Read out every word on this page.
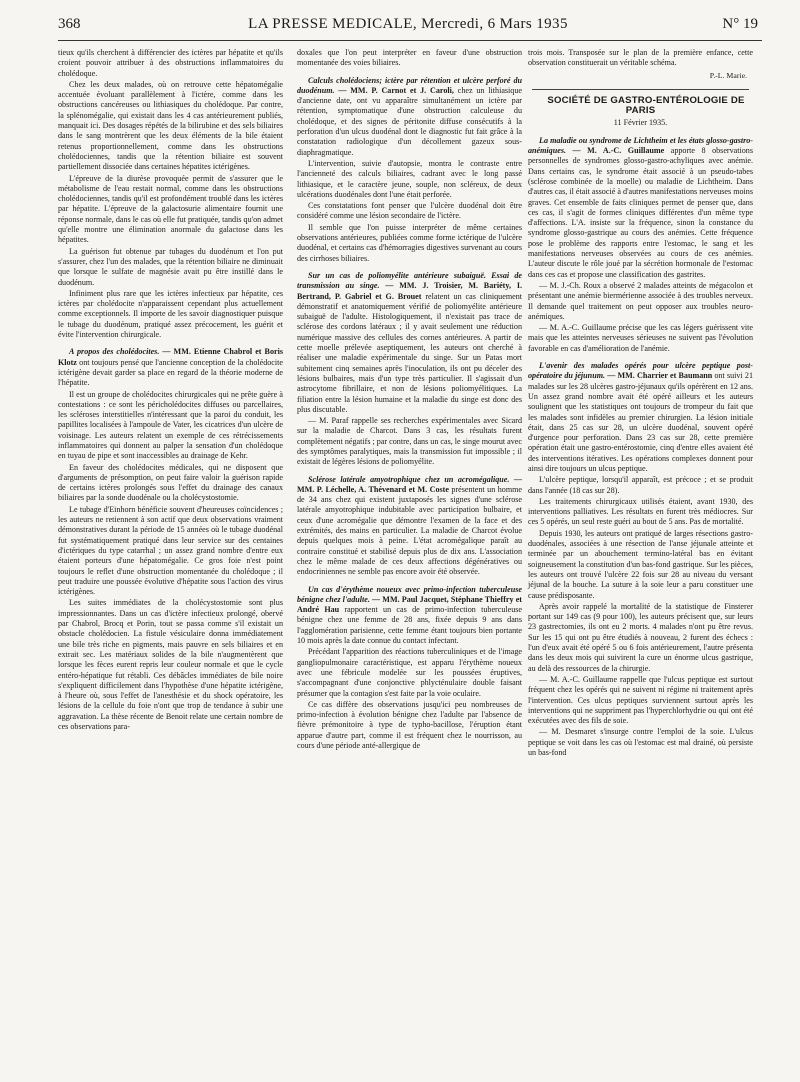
368	LA PRESSE MEDICALE, Mercredi, 6 Mars 1935	N° 19

tieux qu'ils cherchent à différencier des ictères par hépatite et qu'ils croient pouvoir attribuer à des obstructions inflammatoires du cholédoque.

Chez les deux malades, où on retrouve cette hépatomégalie accentuée évoluant parallèlement à l'ictère, comme dans les obstructions cancéreuses ou lithiasiques du cholédoque. Par contre, la splénomégalie, qui existait dans les 4 cas antérieurement publiés, manquait ici. Des dosages répétés de la bilirubine et des sels biliaires dans le sang montrèrent que les deux éléments de la bile étaient retenus proportionnellement, comme dans les obstructions cholédociennes, tandis que la rétention biliaire est souvent partiellement dissociée dans certaines hépatites ictérigènes.

L'épreuve de la diurèse provoquée permit de s'assurer que le métabolisme de l'eau restait normal, comme dans les obstructions cholédociennes, tandis qu'il est profondément troublé dans les ictères par hépatite. L'épreuve de la galactosurie alimentaire fournit une réponse normale, dans le cas où elle fut pratiquée, tandis qu'on admet qu'elle montre une élimination anormale du galactose dans les hépatites.

La guérison fut obtenue par tubages du duodénum et l'on put s'assurer, chez l'un des malades, que la rétention biliaire ne diminuait que lorsque le sulfate de magnésie avait pu être instillé dans le duodénum.

Infiniment plus rare que les ictères infectieux par hépatite, ces ictères par cholédocite n'apparaissent cependant plus actuellement comme exceptionnels. Il importe de les savoir diagnostiquer puisque le tubage du duodénum, pratiqué assez précocement, les guérit et évite l'intervention chirurgicale.

A propos des cholédocites. — MM. Etienne Chabrol et Boris Klotz ont toujours pensé que l'ancienne conception de la cholédocite ictérigène devait garder sa place en regard de la théorie moderne de l'hépatite.

Il est un groupe de cholédocites chirurgicales qui ne prête guère à contestations : ce sont les péricholédocites diffuses ou parcellaires, les scléroses interstitielles n'intéressant que la paroi du conduit, les papillites localisées à l'ampoule de Vater, les cicatrices d'un ulcère de voisinage. Les auteurs relatent un exemple de ces rétrécissements inflammatoires qui donnent au palper la sensation d'un cholédoque en tuyau de pipe et sont inaccessibles au drainage de Kehr.

En faveur des cholédocites médicales, qui ne disposent que d'arguments de présomption, on peut faire valoir la guérison rapide de certains ictères prolongés sous l'effet du drainage des canaux biliaires par la sonde duodénale ou la cholécystostomie.

Le tubage d'Einhorn bénéficie souvent d'heureuses coïncidences ; les auteurs ne retiennent à son actif que deux observations vraiment démonstratives durant la période de 15 années où le tubage duodénal fut systématiquement pratiqué dans leur service sur des centaines d'ictériques du type catarrhal ; un assez grand nombre d'entre eux étaient porteurs d'une hépatomégalie. Ce gros foie n'est point toujours le reflet d'une obstruction momentanée du cholédoque ; il peut traduire une poussée évolutive d'hépatite sous l'action des virus ictérigènes.

Les suites immédiates de la cholécystostomie sont plus impressionnantes. Dans un cas d'ictère infectieux prolongé, obervé par Chabrol, Brocq et Porin, tout se passa comme s'il existait un obstacle cholédocien. La fistule vésiculaire donna immédiatement une bile très riche en pigments, mais pauvre en sels biliaires et en extrait sec. Les matériaux solides de la bile n'augmentèrent que lorsque les fèces eurent repris leur couleur normale et que le cycle entéro-hépatique fut rétabli. Ces débâcles immédiates de bile noire s'expliquent difficilement dans l'hypothèse d'une hépatite ictérigène, à l'heure où, sous l'effet de l'anesthésie et du shock opératoire, les lésions de la cellule du foie n'ont que trop de tendance à subir une aggravation. La thèse récente de Benoit relate une certain nombre de ces observations para-

doxales que l'on peut interpréter en faveur d'une obstruction momentanée des voies biliaires.

Calculs cholédociens; ictère par rétention et ulcère perforé du duodénum. — MM. P. Carnot et J. Caroli, chez un lithiasique d'ancienne date, ont vu apparaître simultanément un ictère par rétention, symptomatique d'une obstruction calculeuse du cholédoque, et des signes de péritonite diffuse consécutifs à la perforation d'un ulcus duodénal dont le diagnostic fut fait grâce à la constatation radiologique d'un décollement gazeux sous-diaphragmatique.

L'intervention, suivie d'autopsie, montra le contraste entre l'ancienneté des calculs biliaires, cadrant avec le long passé lithiasique, et le caractère jeune, souple, non scléreux, de deux ulcérations duodénales dont l'une était perforée.

Ces constatations font penser que l'ulcère duodénal doit être considéré comme une lésion secondaire de l'ictère.

Il semble que l'on puisse interpréter de même certaines observations antérieures, publiées comme forme ictérique de l'ulcère duodénal, et certains cas d'hémorragies digestives survenant au cours des cirrhoses biliaires.

Sur un cas de poliomyélite antérieure subaiguë. Essai de transmission au singe. — MM. J. Troisier, M. Bariéty, I. Bertrand, P. Gabriel et G. Brouet relatent un cas cliniquement démonstratif et anatomiquement vérifié de poliomyélite antérieure subaiguë de l'adulte. Histologiquement, il n'existait pas trace de sclérose des cordons latéraux ; il y avait seulement une réduction numérique massive des cellules des cornes antérieures. A partir de cette moelle prélevée aseptiquement, les auteurs ont cherché à réaliser une maladie expérimentale du singe. Sur un Patas mort subitement cinq semaines après l'inoculation, ils ont pu déceler des lésions bulbaires, mais d'un type très particulier. Il s'agissait d'un astrocytome fibrillaire, et non de lésions poliomyélitiques. La filiation entre la lésion humaine et la maladie du singe est donc des plus discutable.

— M. Paraf rappelle ses recherches expérimentales avec Sicard sur la maladie de Charcot. Dans 3 cas, les résultats furent complètement négatifs ; par contre, dans un cas, le singe mourut avec des symptômes paralytiques, mais la transmission fut impossible ; il existait de légères lésions de poliomyélite.

Sclérose latérale amyotrophique chez un acromégalique. — MM. P. Léchelle, A. Thévenard et M. Coste présentent un homme de 34 ans chez qui existent juxtaposés les signes d'une sclérose latérale amyotrophique indubitable avec participation bulbaire, et ceux d'une acromégalie que démontre l'examen de la face et des extrémités, des mains en particulier. La maladie de Charcot évolue depuis quelques mois à peine. L'état acromégalique paraît au contraire constitué et stabilisé depuis plus de dix ans. L'association chez le même malade de ces deux affections dégénératives ou endocriniennes ne semble pas encore avoir été observée.

Un cas d'érythème noueux avec primo-infection tuberculeuse bénigne chez l'adulte. — MM. Paul Jacquet, Stéphane Thieffry et André Hau rapportent un cas de primo-infection tuberculeuse bénigne chez une femme de 28 ans, fixée depuis 9 ans dans l'agglomération parisienne, cette femme étant toujours bien portante 10 mois après la date connue du contact infectant.

Précédant l'apparition des réactions tuberculiniques et de l'image gangliopulmonaire caractéristique, est apparu l'érythème noueux avec une fébricule modelée sur les poussées éruptives, s'accompagnant d'une conjonctive phlycténulaire double faisant présumer que la contagion s'est faite par la voie oculaire.

Ce cas diffère des observations jusqu'ici peu nombreuses de primo-infection à évolution bénigne chez l'adulte par l'absence de fièvre prémonitoire à type de typho-bacillose, l'éruption étant apparue d'autre part, comme il est fréquent chez le nourrisson, au cours d'une période anté-allergique de

trois mois. Transposée sur le plan de la première enfance, cette observation constituerait un véritable schéma.

P.-L. Marie.

SOCIÉTÉ DE GASTRO-ENTÉROLOGIE DE PARIS

11 Février 1935.

La maladie ou syndrome de Lichtheim et les états glosso-gastro-anémiques. — M. A.-C. Guillaume apporte 8 observations personnelles de syndromes glosso-gastro-achyliques avec anémie. Dans certains cas, le syndrome était associé à un pseudo-tabes (sclérose combinée de la moelle) ou maladie de Lichtheim. Dans d'autres cas, il était associé à d'autres manifestations nerveuses moins graves. Cet ensemble de faits cliniques permet de penser que, dans ces cas, il s'agit de formes cliniques différentes d'un même type d'affections. L'A. insiste sur la fréquence, sinon la constance du syndrome glosso-gastrique au cours des anémies. Cette fréquence pose le problème des rapports entre l'estomac, le sang et les manifestations nerveuses observées au cours de ces anémies. L'auteur discute le rôle joué par la sécrétion hormonale de l'estomac dans ces cas et propose une classification des gastrites.

— M. J.-Ch. Roux a observé 2 malades atteints de mégacolon et présentant une anémie biermérienne associée à des troubles nerveux. Il demande quel traitement on peut opposer aux troubles neuro-anémiques.

— M. A.-C. Guillaume précise que les cas légers guérissent vite mais que les atteintes nerveuses sérieuses ne suivent pas l'évolution favorable en cas d'amélioration de l'anémie.

L'avenir des malades opérés pour ulcère peptique post-opératoire du jéjunum. — MM. Charrier et Baumann ont suivi 21 malades sur les 28 ulcères gastro-jéjunaux qu'ils opérèrent en 12 ans. Un assez grand nombre avait été opéré ailleurs et les auteurs soulignent que les statistiques ont toujours de trompeur du fait que les malades sont infidèles au premier chirurgien. La lésion initiale était, dans 25 cas sur 28, un ulcère duodénal, souvent opéré d'urgence pour perforation. Dans 23 cas sur 28, cette première opération était une gastro-entérostomie, cinq d'entre elles avaient été des interventions itératives. Les opérations complexes donnent pour ainsi dire toujours un ulcus peptique.

L'ulcère peptique, lorsqu'il apparaît, est précoce ; et se produit dans l'année (18 cas sur 28).

Les traitements chirurgicaux utilisés étaient, avant 1930, des interventions palliatives. Les résultats en furent très médiocres. Sur ces 5 opérés, un seul reste guéri au bout de 5 ans. Pas de mortalité.

Depuis 1930, les auteurs ont pratiqué de larges résections gastro-duodénales, associées à une résection de l'anse jéjunale atteinte et terminée par un abouchement termino-latéral bas en évitant soigneusement la constitution d'un bas-fond gastrique. Sur les pièces, les auteurs ont trouvé l'ulcère 22 fois sur 28 au niveau du versant jéjunal de la bouche. La suture à la soie leur a paru constituer une cause prédisposante.

Après avoir rappelé la mortalité de la statistique de Finsterer portant sur 149 cas (9 pour 100), les auteurs précisent que, sur leurs 23 gastrectomies, ils ont eu 2 morts. 4 malades n'ont pu être revus. Sur les 15 qui ont pu être étudiés à nouveau, 2 furent des échecs : l'un d'eux avait été opéré 5 ou 6 fois antérieurement, l'autre présenta dans les deux mois qui suivirent la cure un énorme ulcus gastrique, au delà des ressources de la chirurgie.

— M. A.-C. Guillaume rappelle que l'ulcus peptique est surtout fréquent chez les opérés qui ne suivent ni régime ni traitement après l'intervention. Ces ulcus peptiques surviennent surtout après les interventions qui ne suppriment pas l'hyperchlorhydrie ou qui ont été exécutées avec des fils de soie.

— M. Desmaret s'insurge contre l'emploi de la soie. L'ulcus peptique se voit dans les cas où l'estomac est mal drainé, où persiste un bas-fond
